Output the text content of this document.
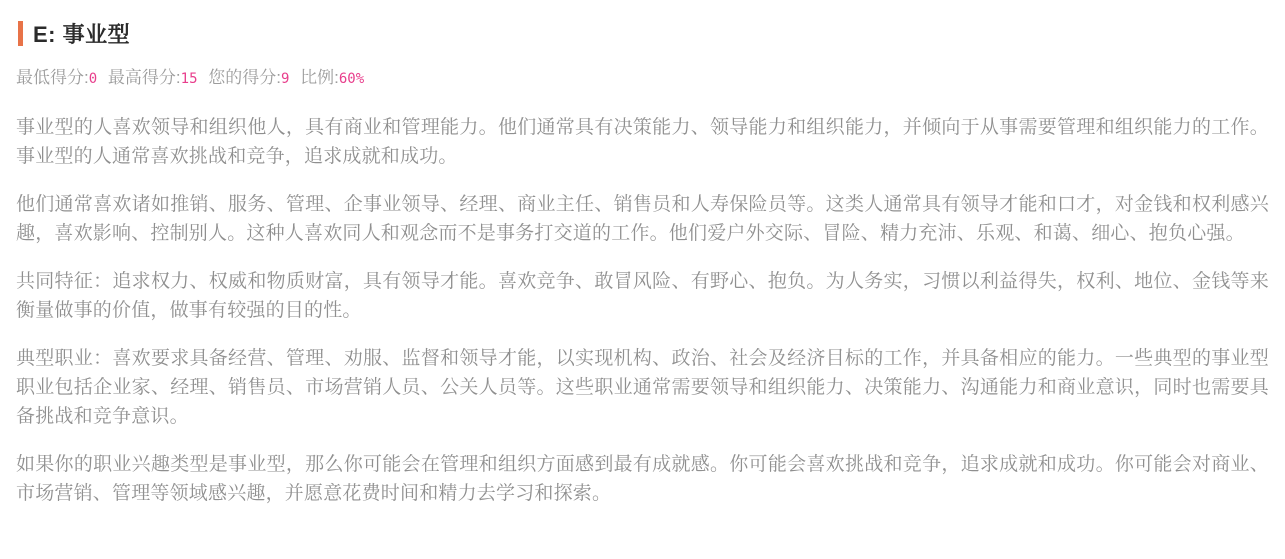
E: 事业型
最低得分:0 最高得分:15 您的得分:9 比例:60%

事业型的人喜欢领导和组织他人，具有商业和管理能力。他们通常具有决策能力、领导能力和组织能力，并倾向于从事需要管理和组织能力的工作。事业型的人通常喜欢挑战和竞争，追求成就和成功。

他们通常喜欢诸如推销、服务、管理、企事业领导、经理、商业主任、销售员和人寿保险员等。这类人通常具有领导才能和口才，对金钱和权利感兴趣，喜欢影响、控制别人。这种人喜欢同人和观念而不是事务打交道的工作。他们爱户外交际、冒险、精力充沛、乐观、和蔼、细心、抱负心强。

共同特征：追求权力、权威和物质财富，具有领导才能。喜欢竞争、敢冒风险、有野心、抱负。为人务实，习惯以利益得失，权利、地位、金钱等来衡量做事的价值，做事有较强的目的性。

典型职业：喜欢要求具备经营、管理、劝服、监督和领导才能，以实现机构、政治、社会及经济目标的工作，并具备相应的能力。一些典型的事业型职业包括企业家、经理、销售员、市场营销人员、公关人员等。这些职业通常需要领导和组织能力、决策能力、沟通能力和商业意识，同时也需要具备挑战和竞争意识。

如果你的职业兴趣类型是事业型，那么你可能会在管理和组织方面感到最有成就感。你可能会喜欢挑战和竞争，追求成就和成功。你可能会对商业、市场营销、管理等领域感兴趣，并愿意花费时间和精力去学习和探索。
